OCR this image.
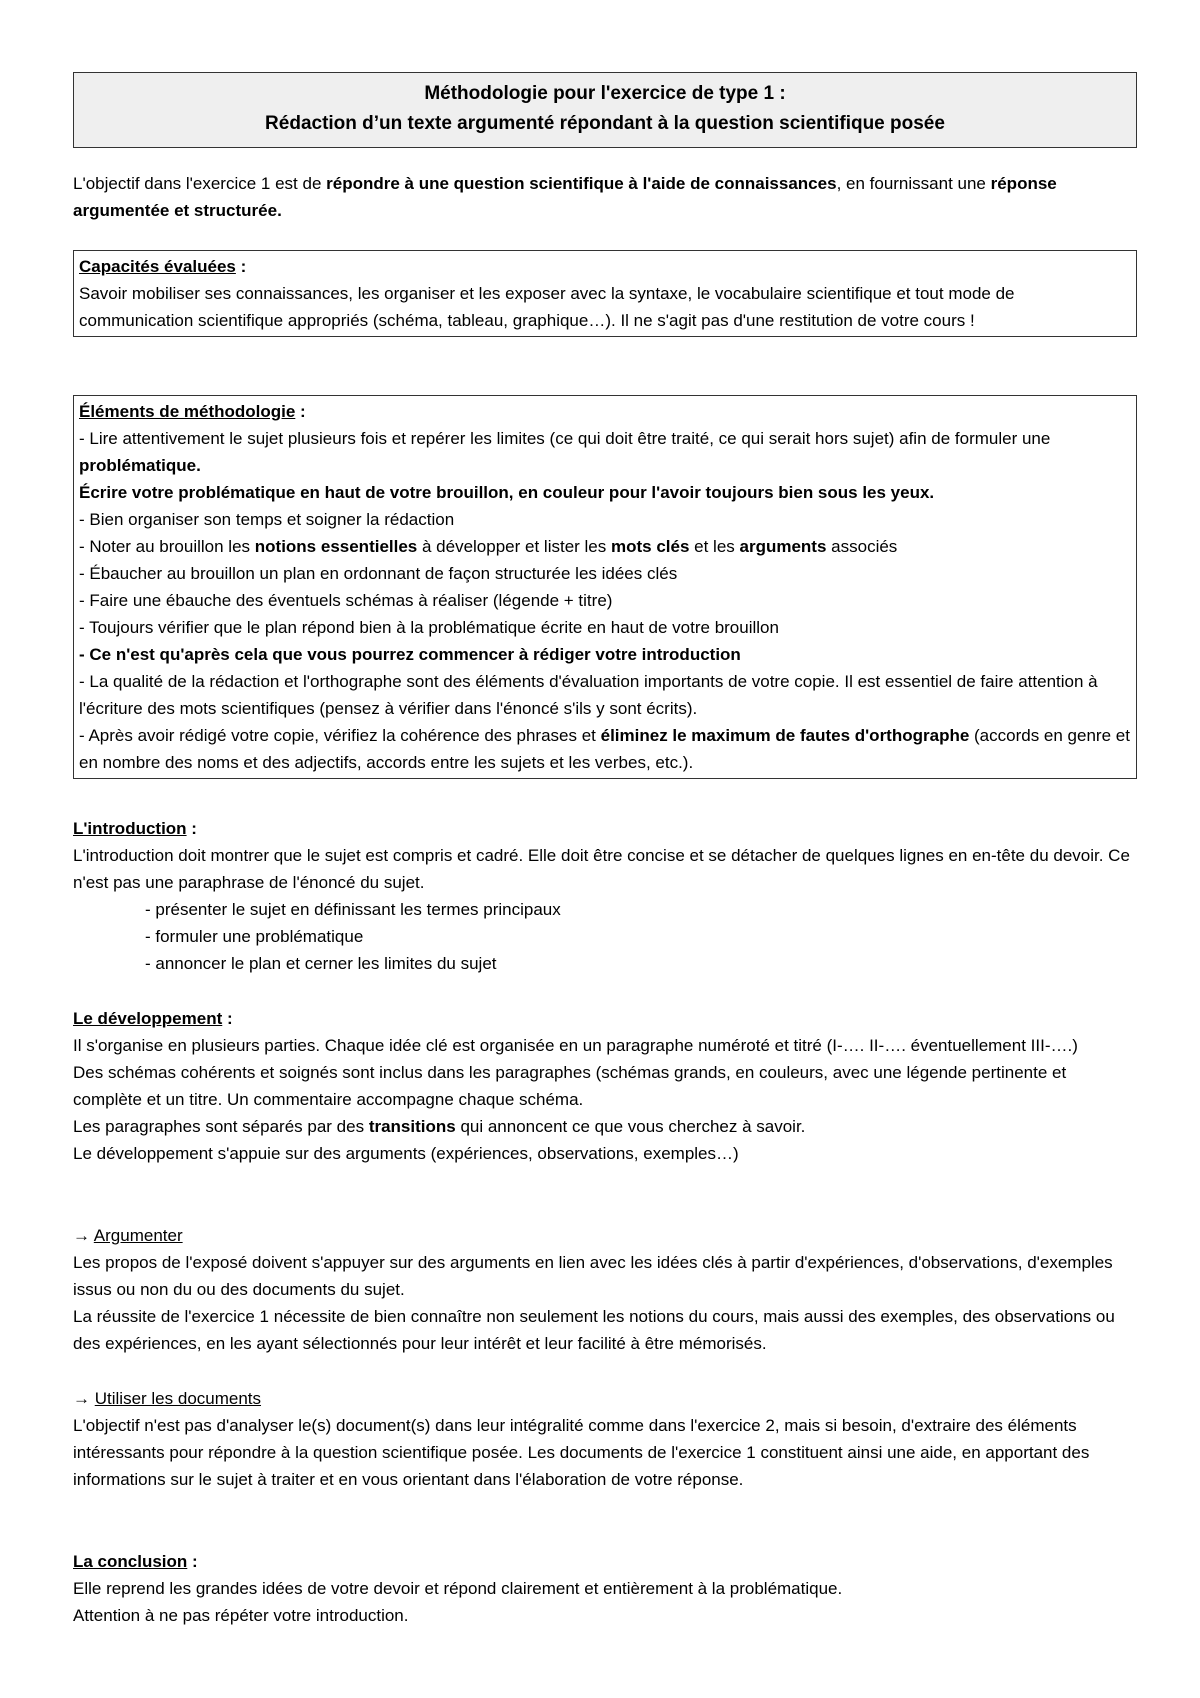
Méthodologie pour l'exercice de type 1 :
Rédaction d’un texte argumenté répondant à la question scientifique posée
L'objectif dans l'exercice 1 est de répondre à une question scientifique à l'aide de connaissances, en fournissant une réponse argumentée et structurée.

Capacités évaluées :

Savoir mobiliser ses connaissances, les organiser et les exposer avec la syntaxe, le vocabulaire scientifique et tout mode de communication scientifique appropriés (schéma, tableau, graphique…). Il ne s'agit pas d'une restitution de votre cours !

Éléments de méthodologie :

- Lire attentivement le sujet plusieurs fois et repérer les limites (ce qui doit être traité, ce qui serait hors sujet) afin de formuler une problématique.

Écrire votre problématique en haut de votre brouillon, en couleur pour l'avoir toujours bien sous les yeux.

- Bien organiser son temps et soigner la rédaction

- Noter au brouillon les notions essentielles à développer et lister les mots clés et les arguments associés

- Ébaucher au brouillon un plan en ordonnant de façon structurée les idées clés

- Faire une ébauche des éventuels schémas à réaliser (légende + titre)

- Toujours vérifier que le plan répond bien à la problématique écrite en haut de votre brouillon

- Ce n'est qu'après cela que vous pourrez commencer à rédiger votre introduction

- La qualité de la rédaction et l'orthographe sont des éléments d'évaluation importants de votre copie. Il est essentiel de faire attention à l'écriture des mots scientifiques (pensez à vérifier dans l'énoncé s'ils y sont écrits).

- Après avoir rédigé votre copie, vérifiez la cohérence des phrases et éliminez le maximum de fautes d'orthographe (accords en genre et en nombre des noms et des adjectifs, accords entre les sujets et les verbes, etc.).

L'introduction :

L'introduction doit montrer que le sujet est compris et cadré. Elle doit être concise et se détacher de quelques lignes en en-tête du devoir. Ce n'est pas une paraphrase de l'énoncé du sujet.

- présenter le sujet en définissant les termes principaux

- formuler une problématique

- annoncer le plan et cerner les limites du sujet

Le développement :

Il s'organise en plusieurs parties. Chaque idée clé est organisée en un paragraphe numéroté et titré (I-…. II-…. éventuellement III-….)

Des schémas cohérents et soignés sont inclus dans les paragraphes (schémas grands, en couleurs, avec une légende pertinente et complète et un titre. Un commentaire accompagne chaque schéma.

Les paragraphes sont séparés par des transitions qui annoncent ce que vous cherchez à savoir.

Le développement s'appuie sur des arguments (expériences, observations, exemples…)

→ Argumenter

Les propos de l'exposé doivent s'appuyer sur des arguments en lien avec les idées clés à partir d'expériences, d'observations, d'exemples issus ou non du ou des documents du sujet.

La réussite de l'exercice 1 nécessite de bien connaître non seulement les notions du cours, mais aussi des exemples, des observations ou des expériences, en les ayant sélectionnés pour leur intérêt et leur facilité à être mémorisés.

→ Utiliser les documents

L'objectif n'est pas d'analyser le(s) document(s) dans leur intégralité comme dans l'exercice 2, mais si besoin, d'extraire des éléments intéressants pour répondre à la question scientifique posée. Les documents de l'exercice 1 constituent ainsi une aide, en apportant des informations sur le sujet à traiter et en vous orientant dans l'élaboration de votre réponse.

La conclusion :

Elle reprend les grandes idées de votre devoir et répond clairement et entièrement à la problématique.

Attention à ne pas répéter votre introduction.
